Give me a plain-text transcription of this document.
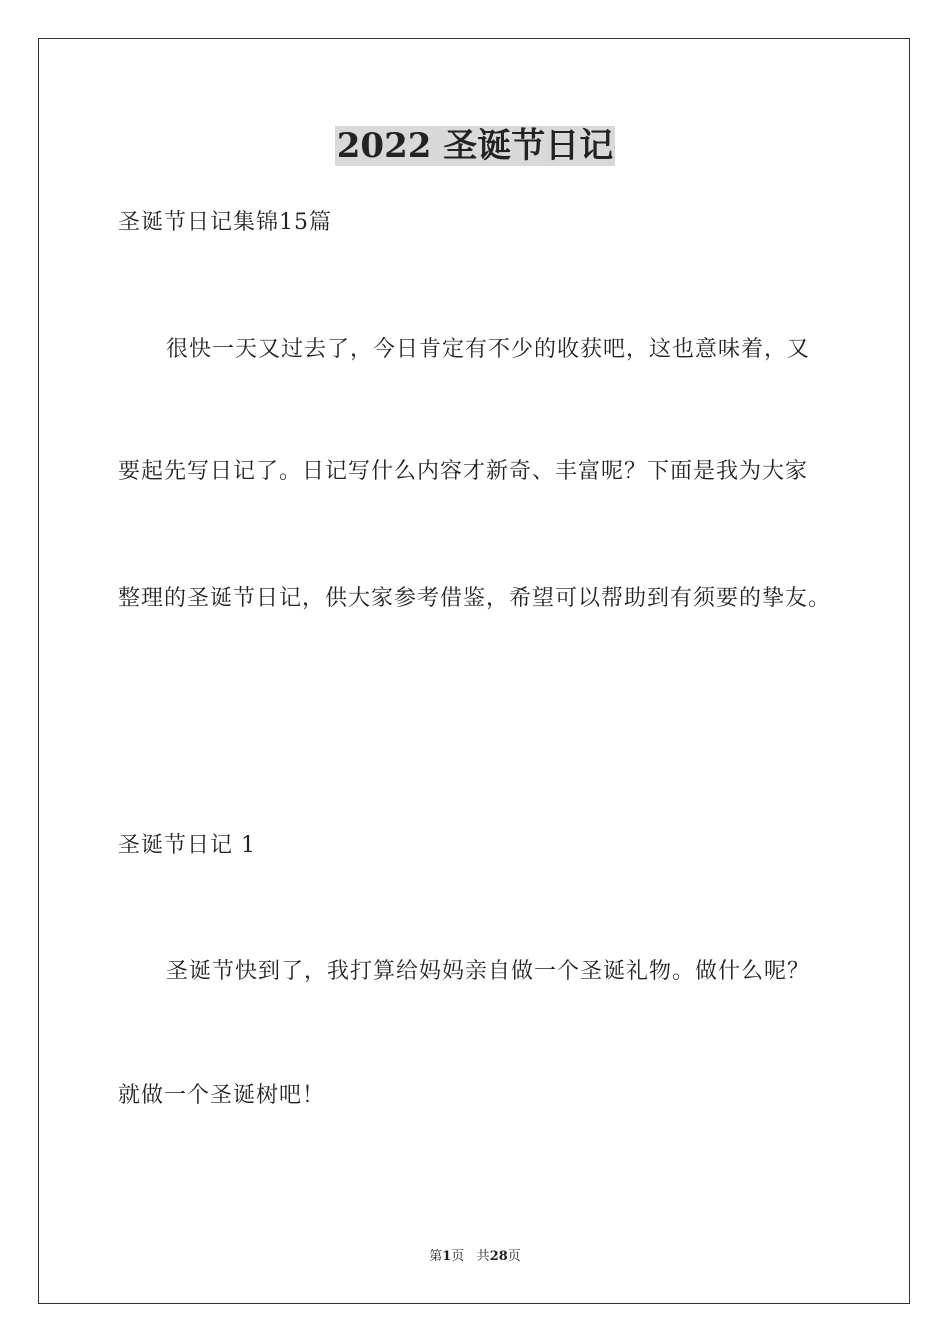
2022 圣诞节日记
圣诞节日记集锦15篇
很快一天又过去了，今日肯定有不少的收获吧，这也意味着，又
要起先写日记了。日记写什么内容才新奇、丰富呢？下面是我为大家
整理的圣诞节日记，供大家参考借鉴，希望可以帮助到有须要的挚友。
圣诞节日记 1
圣诞节快到了，我打算给妈妈亲自做一个圣诞礼物。做什么呢？
就做一个圣诞树吧！
第1页 共28页
